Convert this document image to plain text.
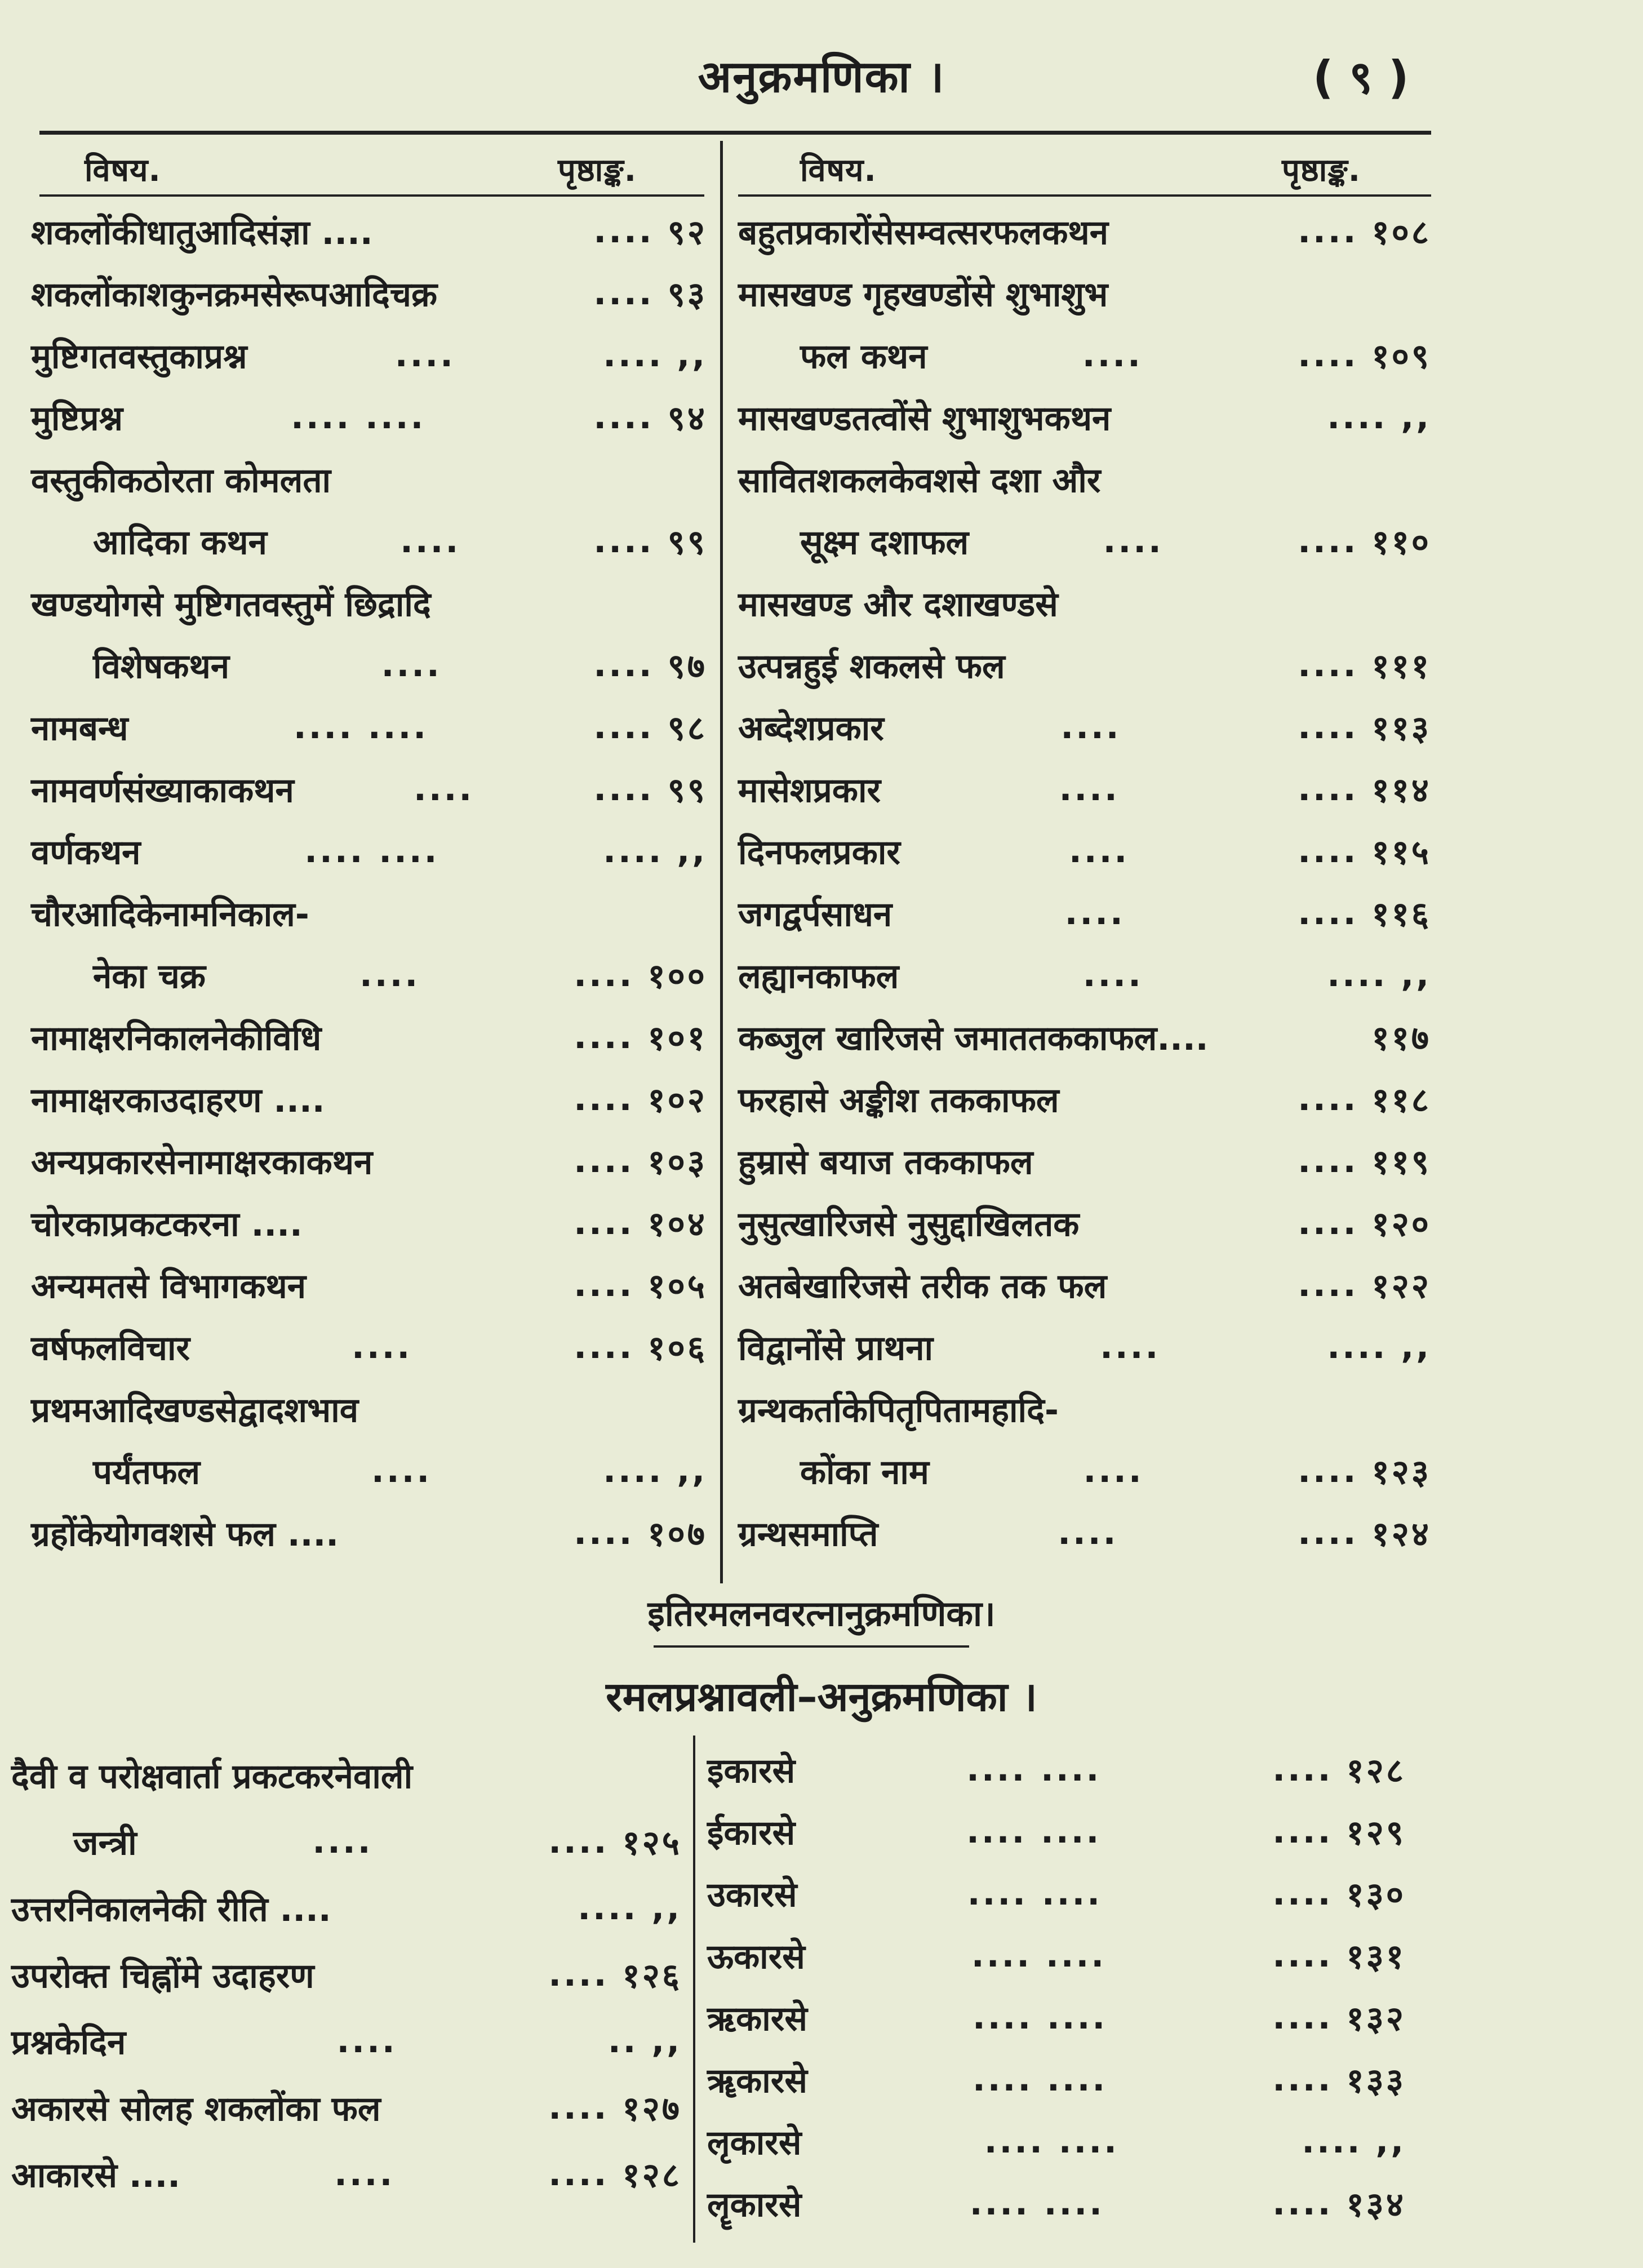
अनुक्रमणिका ।	( ९ )
विषय.	पृष्ठाङ्क.	विषय.	पृष्ठाङ्क.
शकलोंकीधातुआदिसंज्ञा ....	.... ९२
शकलोंकाशकुनक्रमसेरूपआदिचक्र	.... ९३
मुष्टिगतवस्तुकाप्रश्न	....	.... ,,
मुष्टिप्रश्न	.... ....	.... ९४
वस्तुकीकठोरता कोमलता
आदिका कथन	....	.... ९९
खण्डयोगसे मुष्टिगतवस्तुमें छिद्रादि
विशेषकथन	....	.... ९७
नामबन्ध	.... ....	.... ९८
नामवर्णसंख्याकाकथन	....	.... ९९
वर्णकथन	.... ....	.... ,,
चौरआदिकेनामनिकाल-
नेका चक्र	....	.... १००
नामाक्षरनिकालनेकीविधि	.... १०१
नामाक्षरकाउदाहरण ....	.... १०२
अन्यप्रकारसेनामाक्षरकाकथन	.... १०३
चोरकाप्रकटकरना ....	.... १०४
अन्यमतसे विभागकथन	.... १०५
वर्षफलविचार	....	.... १०६
प्रथमआदिखण्डसेद्वादशभाव
पर्यंतफल	....	.... ,,
ग्रहोंकेयोगवशसे फल ....	.... १०७
बहुतप्रकारोंसेसम्वत्सरफलकथन	.... १०८
मासखण्ड गृहखण्डोंसे शुभाशुभ
फल कथन	....	.... १०९
मासखण्डतत्वोंसे शुभाशुभकथन	.... ,,
सावितशकलकेवशसे दशा और
सूक्ष्म दशाफल	....	.... ११०
मासखण्ड और दशाखण्डसे
उत्पन्नहुई शकलसे फल	.... १११
अब्देशप्रकार	....	.... ११३
मासेशप्रकार	....	.... ११४
दिनफलप्रकार	....	.... ११५
जगद्वर्पसाधन	....	.... ११६
लह्यानकाफल	....	.... ,,
कब्जुल खारिजसे जमाततककाफल....	११७
फरहासे अङ्कीश तककाफल	.... ११८
हुम्रासे बयाज तककाफल	.... ११९
नुसुत्खारिजसे नुसुद्दाखिलतक	.... १२०
अतबेखारिजसे तरीक तक फल	.... १२२
विद्वानोंसे प्राथना	....	.... ,,
ग्रन्थकर्ताकेपितृपितामहादि-
कोंका नाम	....	.... १२३
ग्रन्थसमाप्ति	....	.... १२४
इतिरमलनवरत्नानुक्रमणिका।
रमलप्रश्नावली–अनुक्रमणिका ।
दैवी व परोक्षवार्ता प्रकटकरनेवाली
जन्त्री	....	.... १२५
उत्तरनिकालनेकी रीति ....	.... ,,
उपरोक्त चिह्नोंमे उदाहरण	.... १२६
प्रश्नकेदिन	....	.. ,,
अकारसे सोलह शकलोंका फल	.... १२७
आकारसे ....	....	.... १२८
इकारसे	.... ....	.... १२८
ईकारसे	.... ....	.... १२९
उकारसे	.... ....	.... १३०
ऊकारसे	.... ....	.... १३१
ऋकारसे	.... ....	.... १३२
ॠकारसे	.... ....	.... १३३
लृकारसे	.... ....	.... ,,
लॄकारसे	.... ....	.... १३४
